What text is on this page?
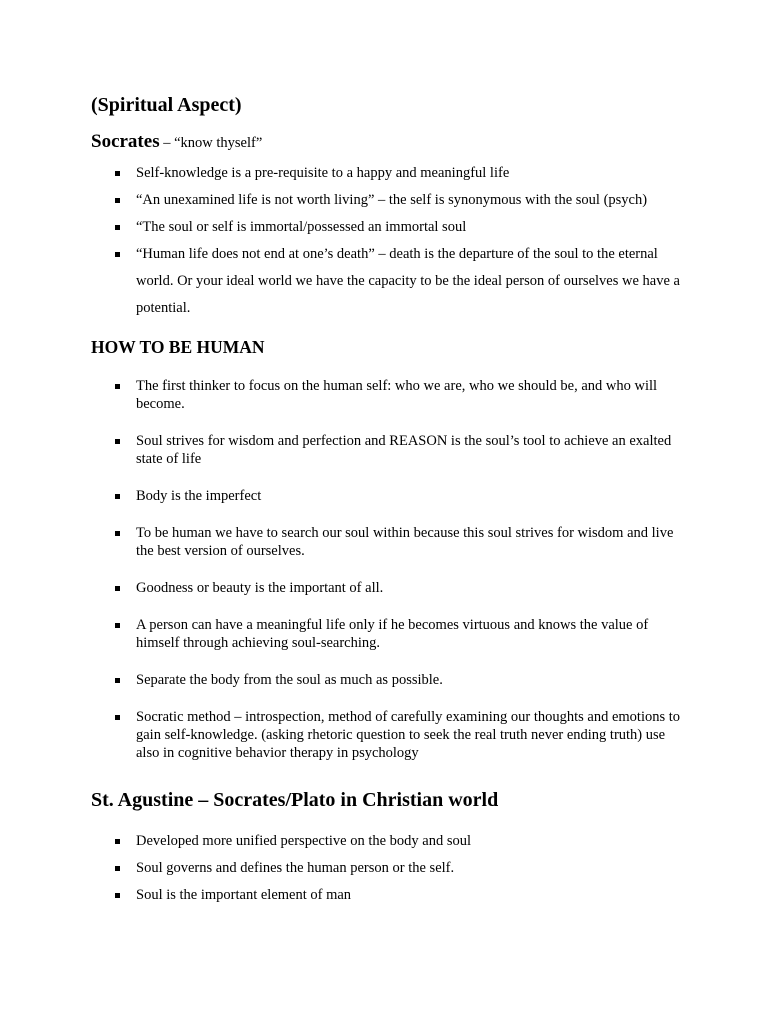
(Spiritual Aspect)
Socrates – “know thyself”
Self-knowledge is a pre-requisite to a happy and meaningful life
“An unexamined life is not worth living” – the self is synonymous with the soul (psych)
“The soul or self is immortal/possessed an immortal soul
“Human life does not end at one’s death” – death is the departure of the soul to the eternal world. Or your ideal world we have the capacity to be the ideal person of ourselves we have a potential.
HOW TO BE HUMAN
The first thinker to focus on the human self: who we are, who we should be, and who will become.
Soul strives for wisdom and perfection and REASON is the soul’s tool to achieve an exalted state of life
Body is the imperfect
To be human we have to search our soul within because this soul strives for wisdom and live the best version of ourselves.
Goodness or beauty is the important of all.
A person can have a meaningful life only if he becomes virtuous and knows the value of himself through achieving soul-searching.
Separate the body from the soul as much as possible.
Socratic method – introspection, method of carefully examining our thoughts and emotions to gain self-knowledge. (asking rhetoric question to seek the real truth never ending truth) use also in cognitive behavior therapy in psychology
St. Agustine – Socrates/Plato in Christian world
Developed more unified perspective on the body and soul
Soul governs and defines the human person or the self.
Soul is the important element of man
